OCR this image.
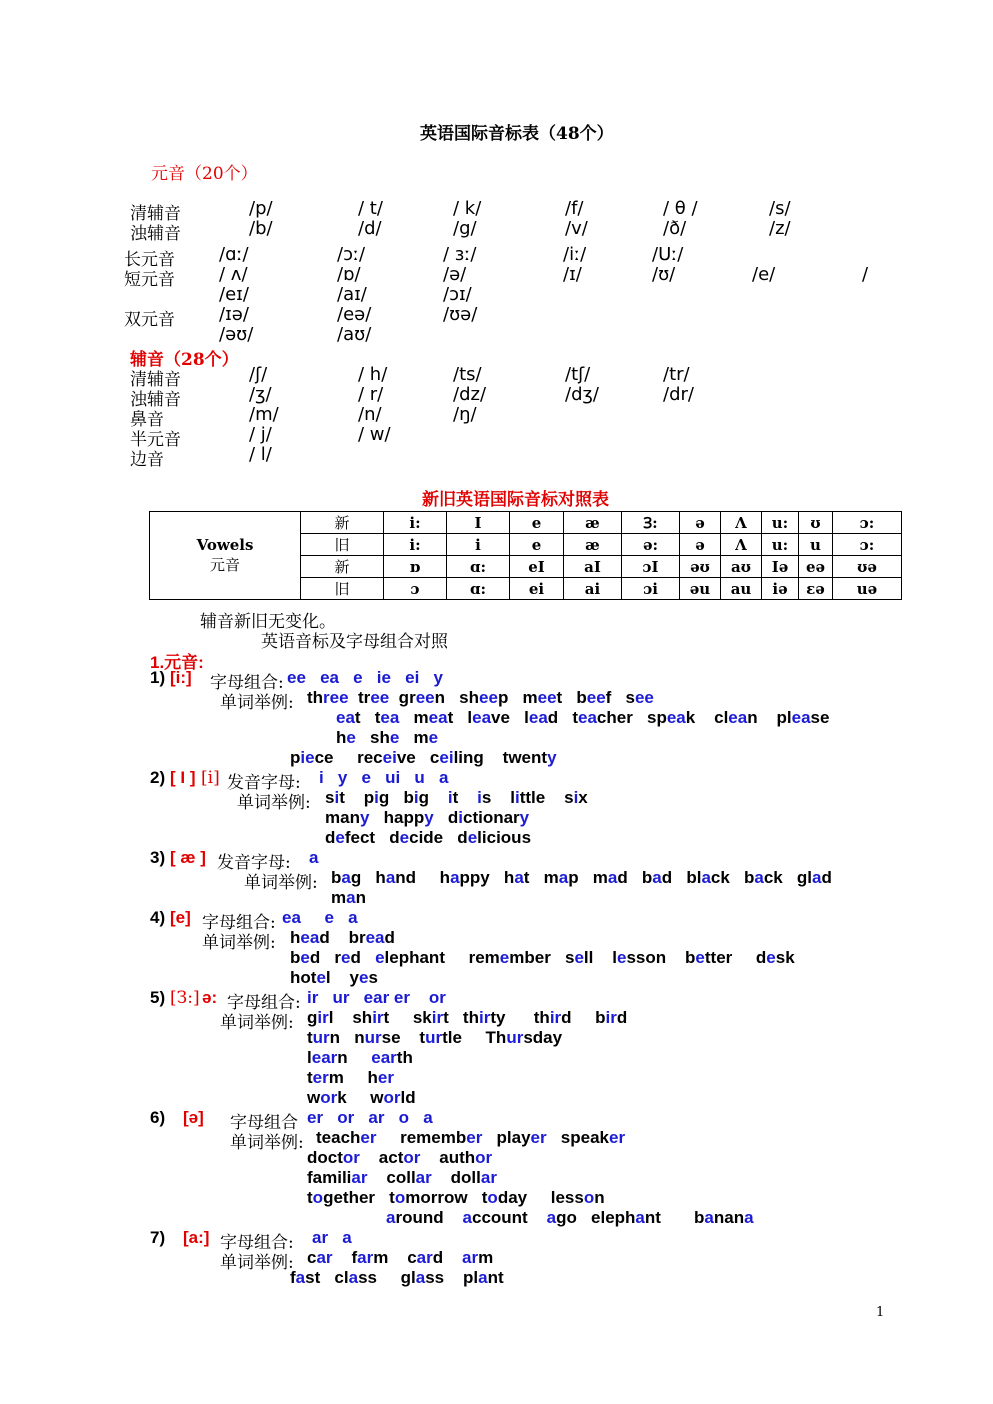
英语国际音标表（48个）
元音（20个）
清辅音	/p/	/ t/	/ k/	/f/	/ θ /	/s/
浊辅音	/b/	/d/	/g/	/v/	/ð/	/z/
长元音 /ɑː/	/ɔː/	/ ɜː/	/iː/	/Uː/
短元音 / ʌ/	/ɒ/	/ə/	/ɪ/	/ʊ/	/e/	/
/eɪ/	/aɪ/	/ɔɪ/
双元音 /ɪə/	/eə/	/ʊə/
/əʊ/	/aʊ/
辅音（28个）
清辅音	/ʃ/	/ h/	/ts/	/tʃ/	/tr/
浊辅音	/ʒ/	/ r/	/dz/	/dʒ/	/dr/
鼻音	/m/	/n/	/ŋ/
半元音	/ j/	/ w/
边音	/ l/
新旧英语国际音标对照表
Vowels
元音	新	i:	I	e	æ	Ɜ:	ə	Λ	u:	ʊ	ɔ:
	旧	i:	i	e	æ	ə:	ə	Λ	u:	u	ɔ:
	新	ɒ	ɑ:	eI	aI	ɔI	əʊ	aʊ	Iə	eə	ʊə
	旧	ɔ	ɑ:	ei	ai	ɔi	əu	au	iə	ɛə	uə
辅音新旧无变化。
英语音标及字母组合对照
1.元音:
1) [i:] 字母组合: ee   ea   e   ie   ei   y
单词举例: three  tree  green   sheep   meet   beef   see
eat   tea   meat   leave   lead   teacher   speak    clean    please
he   she   me
piece     receive   ceiling    twenty
2) [ I ] [i] 发音字母: i   y   e   ui   u   a
单词举例: sit    pig   big    it    is    little    six
many   happy   dictionary
defect   decide   delicious
3) [ æ ] 发音字母: a
单词举例: bag   hand     happy   hat   map   mad   bad   black   back   glad
man
4) [e] 字母组合: ea     e   a
单词举例: head    bread
bed   red   elephant     remember   sell    lesson    better     desk
hotel    yes
5) [З:] ə: 字母组合: ir   ur   ear er    or
单词举例: girl    shirt     skirt   thirty      third     bird
turn   nurse    turtle     Thursday
learn     earth
term     her
work     world
6) [ə] 字母组合 er   or   ar   o   a
单词举例: teacher     remember   player   speaker
doctor    actor    author
familiar    collar    dollar
together   tomorrow   today     lesson
around    account    ago   elephant       banana
7) [a:] 字母组合: ar   a
单词举例: car    farm    card    arm
fast   class     glass    plant
1
